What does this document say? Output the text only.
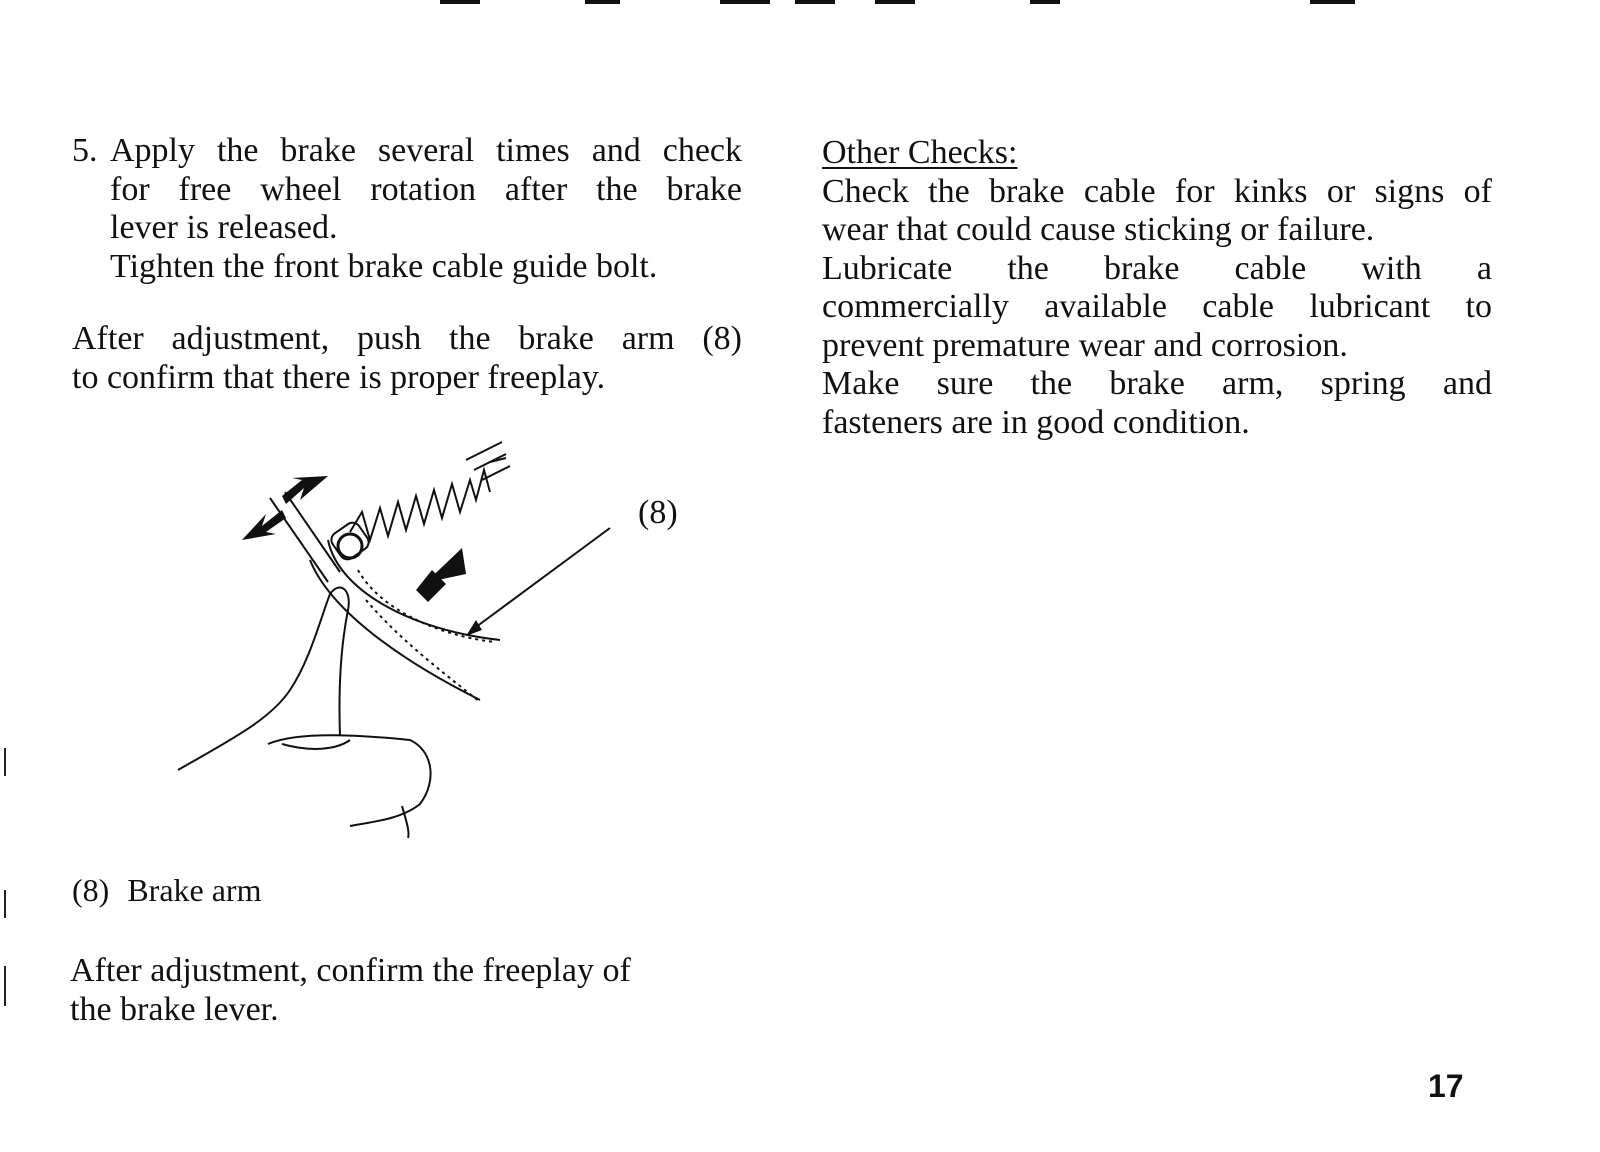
5. Apply the brake several times and check
for free wheel rotation after the brake
lever is released.
Tighten the front brake cable guide bolt.

After adjustment, push the brake arm (8)

to confirm that there is proper freeplay.

(8)
(8) Brake arm

After adjustment, confirm the freeplay of

the brake lever.

Other Checks:

Check the brake cable for kinks or signs of

wear that could cause sticking or failure.

Lubricate the brake cable with a

commercially available cable lubricant to

prevent premature wear and corrosion.

Make sure the brake arm, spring and

fasteners are in good condition.

17
